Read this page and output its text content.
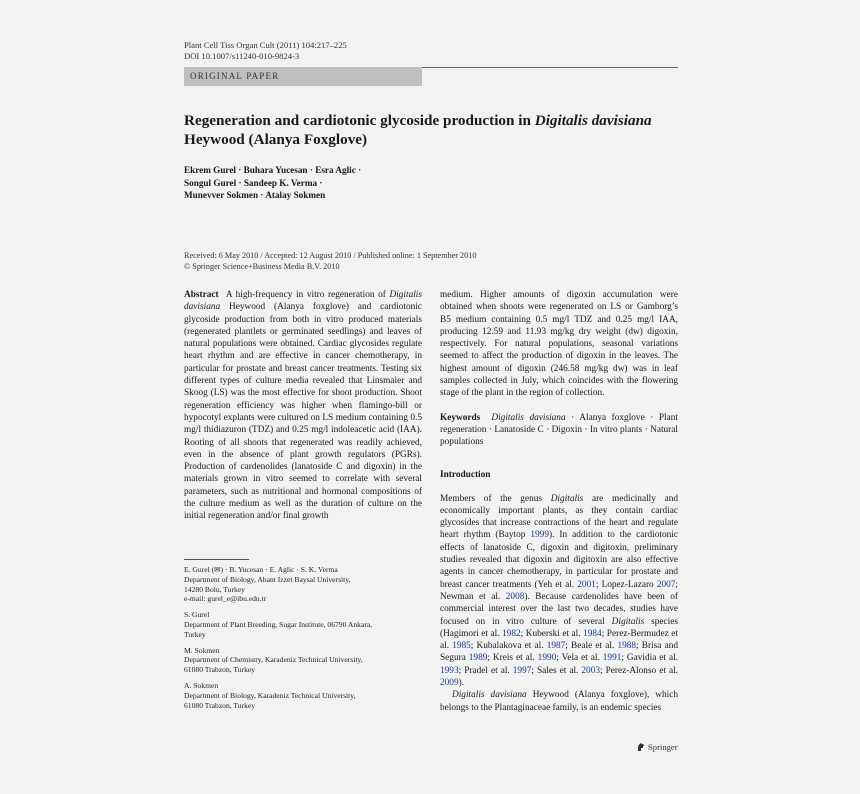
Plant Cell Tiss Organ Cult (2011) 104:217–225
DOI 10.1007/s11240-010-9824-3
ORIGINAL PAPER
Regeneration and cardiotonic glycoside production in Digitalis davisiana Heywood (Alanya Foxglove)
Ekrem Gurel · Buhara Yucesan · Esra Aglic ·
Songul Gurel · Sandeep K. Verma ·
Munevver Sokmen · Atalay Sokmen
Received: 6 May 2010 / Accepted: 12 August 2010 / Published online: 1 September 2010
© Springer Science+Business Media B.V. 2010

Abstract A high-frequency in vitro regeneration of Digitalis davisiana Heywood (Alanya foxglove) and cardiotonic glycoside production from both in vitro produced materials (regenerated plantlets or germinated seedlings) and leaves of natural populations were obtained. Cardiac glycosides regulate heart rhythm and are effective in cancer chemotherapy, in particular for prostate and breast cancer treatments. Testing six different types of culture media revealed that Linsmaier and Skoog (LS) was the most effective for shoot production. Shoot regeneration efficiency was higher when flamingo-bill or hypocotyl explants were cultured on LS medium containing 0.5 mg/l thidiazuron (TDZ) and 0.25 mg/l indoleacetic acid (IAA). Rooting of all shoots that regenerated was readily achieved, even in the absence of plant growth regulators (PGRs). Production of cardenolides (lanatoside C and digoxin) in the materials grown in vitro seemed to correlate with several parameters, such as nutritional and hormonal compositions of the culture medium as well as the duration of culture on the initial regeneration and/or final growth

E. Gurel (✉) · B. Yucesan · E. Aglic · S. K. Verma
Department of Biology, Abant Izzet Baysal University,
14280 Bolu, Turkey
e-mail: gurel_e@ibu.edu.tr
S. Gurel
Department of Plant Breeding, Sugar Institute, 06790 Ankara,
Turkey
M. Sokmen
Department of Chemistry, Karadeniz Technical University,
61080 Trabzon, Turkey
A. Sokmen
Department of Biology, Karadeniz Technical University,
61080 Trabzon, Turkey

medium. Higher amounts of digoxin accumulation were obtained when shoots were regenerated on LS or Gamborg’s B5 medium containing 0.5 mg/l TDZ and 0.25 mg/l IAA, producing 12.59 and 11.93 mg/kg dry weight (dw) digoxin, respectively. For natural populations, seasonal variations seemed to affect the production of digoxin in the leaves. The highest amount of digoxin (246.58 mg/kg dw) was in leaf samples collected in July, which coincides with the flowering stage of the plant in the region of collection.

Keywords Digitalis davisiana · Alanya foxglove · Plant regeneration · Lanatoside C · Digoxin · In vitro plants · Natural populations

Introduction

Members of the genus Digitalis are medicinally and economically important plants, as they contain cardiac glycosides that increase contractions of the heart and regulate heart rhythm (Baytop 1999). In addition to the cardiotonic effects of lanatoside C, digoxin and digitoxin, preliminary studies revealed that digoxin and digitoxin are also effective agents in cancer chemotherapy, in particular for prostate and breast cancer treatments (Yeh et al. 2001; Lopez-Lazaro 2007; Newman et al. 2008). Because cardenolides have been of commercial interest over the last two decades, studies have focused on in vitro culture of several Digitalis species (Hagimori et al. 1982; Kuberski et al. 1984; Perez-Bermudez et al. 1985; Kubalakova et al. 1987; Beale et al. 1988; Brisa and Segura 1989; Kreis et al. 1990; Vela et al. 1991; Gavidia et al. 1993; Pradel et al. 1997; Sales et al. 2003; Perez-Alonso et al. 2009).

Digitalis davisiana Heywood (Alanya foxglove), which belongs to the Plantaginaceae family, is an endemic species

Springer
